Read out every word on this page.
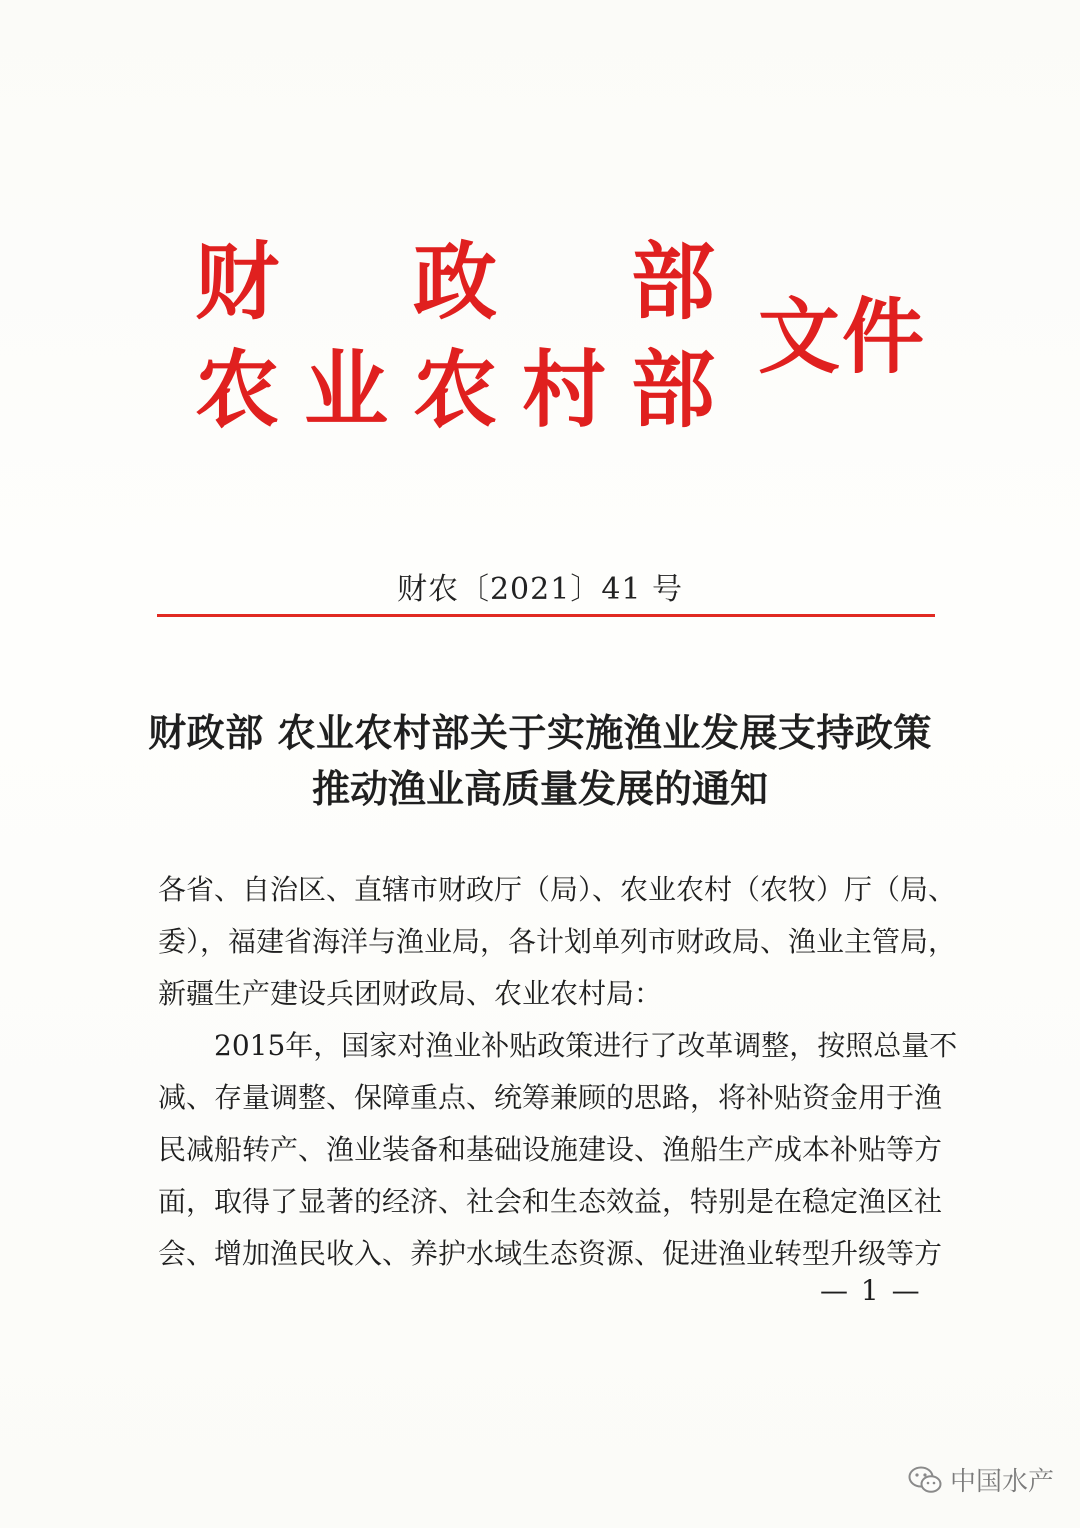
财 政 部
农 业 农 村 部
文件
财农〔2021〕41 号
财政部 农业农村部关于实施渔业发展支持政策
推动渔业高质量发展的通知
各省、自治区、直辖市财政厅（局）、农业农村（农牧）厅（局、
委），福建省海洋与渔业局，各计划单列市财政局、渔业主管局，
新疆生产建设兵团财政局、农业农村局：
　　2015年，国家对渔业补贴政策进行了改革调整，按照总量不
减、存量调整、保障重点、统筹兼顾的思路，将补贴资金用于渔
民减船转产、渔业装备和基础设施建设、渔船生产成本补贴等方
面，取得了显著的经济、社会和生态效益，特别是在稳定渔区社
会、增加渔民收入、养护水域生态资源、促进渔业转型升级等方
— 1 —
中国水产
